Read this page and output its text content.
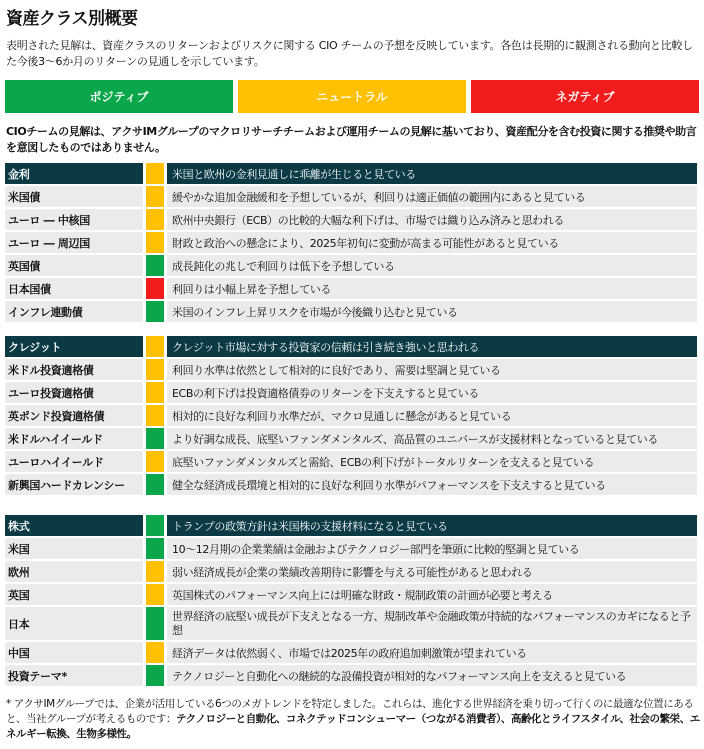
資産クラス別概要
表明された見解は、資産クラスのリターンおよびリスクに関する CIO チームの予想を反映しています。各色は長期的に観測される動向と比較した今後3～6か月のリターンの見通しを示しています。
ポジティブ	ニュートラル	ネガティブ
CIOチームの見解は、アクサIMグループのマクロリサーチチームおよび運用チームの見解に基いており、資産配分を含む投資に関する推奨や助言を意図したものではありません。
金利				米国と欧州の金利見通しに乖離が生じると見ている
米国債				緩やかな追加金融緩和を予想しているが、利回りは適正価値の範囲内にあると見ている
ユーロ ― 中核国				欧州中央銀行（ECB）の比較的大幅な利下げは、市場では織り込み済みと思われる
ユーロ ― 周辺国				財政と政治への懸念により、2025年初旬に変動が高まる可能性があると見ている
英国債				成長鈍化の兆しで利回りは低下を予想している
日本国債				利回りは小幅上昇を予想している
インフレ連動債				米国のインフレ上昇リスクを市場が今後織り込むと見ている
クレジット				クレジット市場に対する投資家の信頼は引き続き強いと思われる
米ドル投資適格債				利回り水準は依然として相対的に良好であり、需要は堅調と見ている
ユーロ投資適格債				ECBの利下げは投資適格債券のリターンを下支えすると見ている
英ポンド投資適格債				相対的に良好な利回り水準だが、マクロ見通しに懸念があると見ている
米ドルハイイールド				より好調な成長、底堅いファンダメンタルズ、高品質のユニバースが支援材料となっていると見ている
ユーロハイイールド				底堅いファンダメンタルズと需給、ECBの利下げがトータルリターンを支えると見ている
新興国ハードカレンシー				健全な経済成長環境と相対的に良好な利回り水準がパフォーマンスを下支えすると見ている
株式				トランプの政策方針は米国株の支援材料になると見ている
米国				10～12月期の企業業績は金融およびテクノロジー部門を筆頭に比較的堅調と見ている
欧州				弱い経済成長が企業の業績改善期待に影響を与える可能性があると思われる
英国				英国株式のパフォーマンス向上には明確な財政・規制政策の計画が必要と考える
日本				世界経済の底堅い成長が下支えとなる一方、規制改革や金融政策が持続的なパフォーマンスのカギになると予想
中国				経済データは依然弱く、市場では2025年の政府追加刺激策が望まれている
投資テーマ*				テクノロジーと自動化への継続的な設備投資が相対的なパフォーマンス向上を支えると見ている
* アクサIMグループでは、企業が活用している6つのメガトレンドを特定しました。これらは、進化する世界経済を乗り切って行くのに最適な位置にあると、当社グループが考えるものです：テクノロジーと自動化、コネクテッドコンシューマー（つながる消費者）、高齢化とライフスタイル、社会の繁栄、エネルギー転換、生物多様性。
